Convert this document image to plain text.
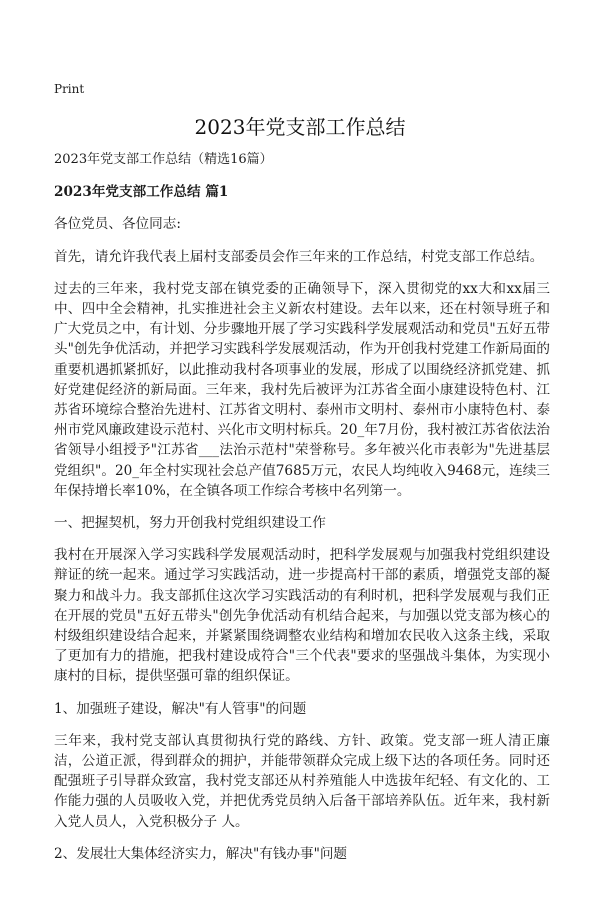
Print
2023年党支部工作总结

2023年党支部工作总结（精选16篇）

2023年党支部工作总结 篇1

各位党员、各位同志:

首先，请允许我代表上届村支部委员会作三年来的工作总结，村党支部工作总结。

过去的三年来，我村党支部在镇党委的正确领导下，深入贯彻党的xx大和xx届三中、四中全会精神，扎实推进社会主义新农村建设。去年以来，还在村领导班子和广大党员之中，有计划、分步骤地开展了学习实践科学发展观活动和党员"五好五带头"创先争优活动，并把学习实践科学发展观活动，作为开创我村党建工作新局面的重要机遇抓紧抓好，以此推动我村各项事业的发展，形成了以围绕经济抓党建、抓好党建促经济的新局面。三年来，我村先后被评为江苏省全面小康建设特色村、江苏省环境综合整治先进村、江苏省文明村、泰州市文明村、泰州市小康特色村、泰州市党风廉政建设示范村、兴化市文明村标兵。20_年7月份，我村被江苏省依法治省领导小组授予"江苏省___法治示范村"荣誉称号。多年被兴化市表彰为"先进基层党组织"。20_年全村实现社会总产值7685万元，农民人均纯收入9468元，连续三年保持增长率10%，在全镇各项工作综合考核中名列第一。

一、把握契机，努力开创我村党组织建设工作

我村在开展深入学习实践科学发展观活动时，把科学发展观与加强我村党组织建设辩证的统一起来。通过学习实践活动，进一步提高村干部的素质，增强党支部的凝聚力和战斗力。我支部抓住这次学习实践活动的有利时机，把科学发展观与我们正在开展的党员"五好五带头"创先争优活动有机结合起来，与加强以党支部为核心的村级组织建设结合起来，并紧紧围绕调整农业结构和增加农民收入这条主线，采取了更加有力的措施，把我村建设成符合"三个代表"要求的坚强战斗集体，为实现小康村的目标，提供坚强可靠的组织保证。

1、加强班子建设，解决"有人管事"的问题

三年来，我村党支部认真贯彻执行党的路线、方针、政策。党支部一班人清正廉洁，公道正派，得到群众的拥护，并能带领群众完成上级下达的各项任务。同时还配强班子引导群众致富，我村党支部还从村养殖能人中选拔年纪轻、有文化的、工作能力强的人员吸收入党，并把优秀党员纳入后备干部培养队伍。近年来，我村新入党人员人，入党积极分子 人。

2、发展壮大集体经济实力，解决"有钱办事"问题
